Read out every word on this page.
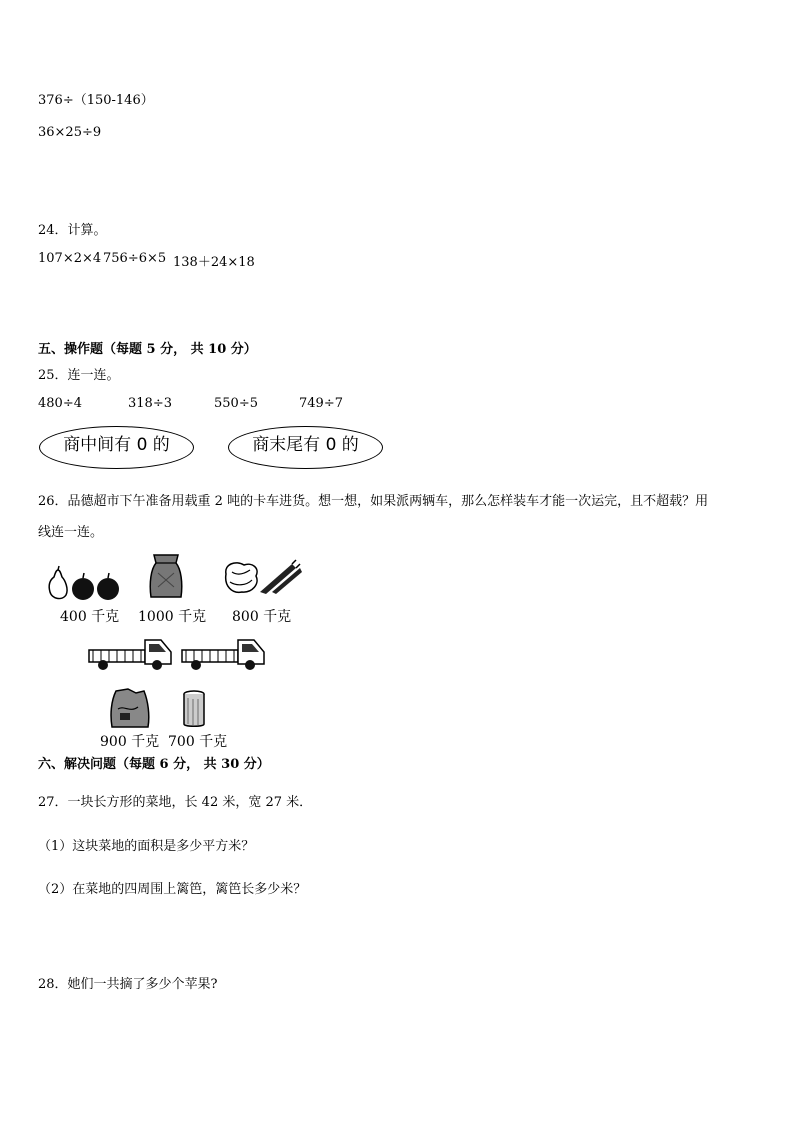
376÷（150-146）
36×25÷9
24．计算。
107×2×4 756÷6×5 138＋24×18
五、操作题（每题 5 分， 共 10 分）
25．连一连。
480÷4	318÷3	550÷5	749÷7
商中间有 0 的	商末尾有 0 的
26．品德超市下午准备用载重 2 吨的卡车进货。想一想，如果派两辆车，那么怎样装车才能一次运完，且不超载？用
线连一连。
400 千克 1000 千克 800 千克
900 千克 700 千克
六、解决问题（每题 6 分， 共 30 分）
27．一块长方形的菜地，长 42 米，宽 27 米．
（1）这块菜地的面积是多少平方米？
（2）在菜地的四周围上篱笆，篱笆长多少米？
28．她们一共摘了多少个苹果?
